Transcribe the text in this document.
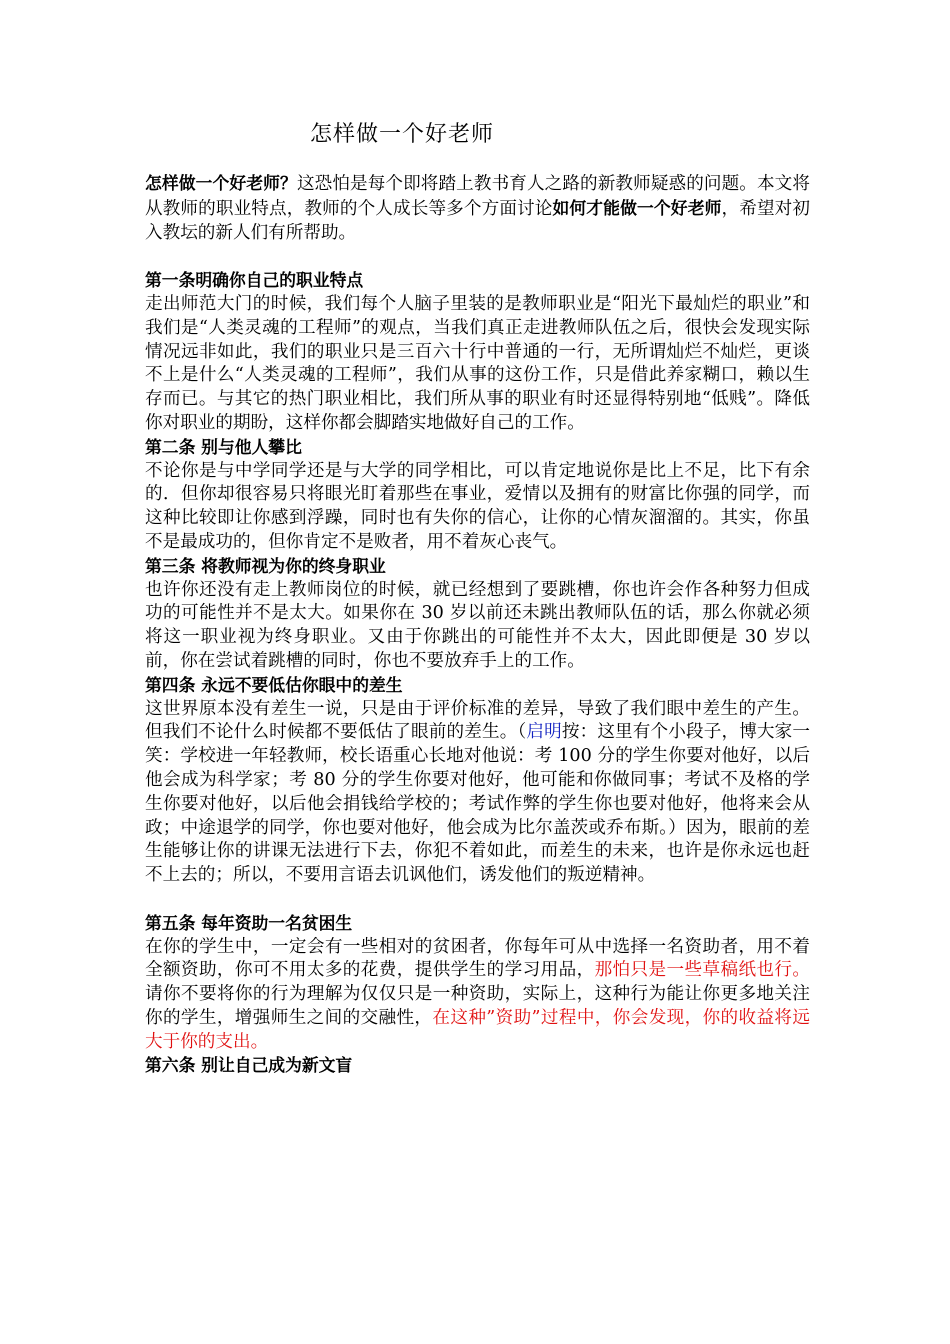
怎样做一个好老师

怎样做一个好老师？这恐怕是每个即将踏上教书育人之路的新教师疑惑的问题。本文将从教师的职业特点，教师的个人成长等多个方面讨论如何才能做一个好老师，希望对初入教坛的新人们有所帮助。

第一条明确你自己的职业特点

走出师范大门的时候，我们每个人脑子里装的是教师职业是“阳光下最灿烂的职业”和我们是“人类灵魂的工程师”的观点，当我们真正走进教师队伍之后，很快会发现实际情况远非如此，我们的职业只是三百六十行中普通的一行，无所谓灿烂不灿烂，更谈不上是什么“人类灵魂的工程师”，我们从事的这份工作，只是借此养家糊口，赖以生存而已。与其它的热门职业相比，我们所从事的职业有时还显得特别地“低贱”。降低你对职业的期盼，这样你都会脚踏实地做好自己的工作。

第二条 别与他人攀比

不论你是与中学同学还是与大学的同学相比，可以肯定地说你是比上不足，比下有余的．但你却很容易只将眼光盯着那些在事业，爱情以及拥有的财富比你强的同学，而这种比较即让你感到浮躁，同时也有失你的信心，让你的心情灰溜溜的。其实，你虽不是最成功的，但你肯定不是败者，用不着灰心丧气。

第三条 将教师视为你的终身职业

也许你还没有走上教师岗位的时候，就已经想到了要跳槽，你也许会作各种努力但成功的可能性并不是太大。如果你在 30 岁以前还未跳出教师队伍的话，那么你就必须将这一职业视为终身职业。又由于你跳出的可能性并不太大，因此即便是 30 岁以前，你在尝试着跳槽的同时，你也不要放弃手上的工作。

第四条 永远不要低估你眼中的差生

这世界原本没有差生一说，只是由于评价标准的差异，导致了我们眼中差生的产生。但我们不论什么时候都不要低估了眼前的差生。（启明按：这里有个小段子，博大家一笑：学校进一年轻教师，校长语重心长地对他说：考 100 分的学生你要对他好，以后他会成为科学家；考 80 分的学生你要对他好，他可能和你做同事；考试不及格的学生你要对他好，以后他会捐钱给学校的；考试作弊的学生你也要对他好，他将来会从政；中途退学的同学，你也要对他好，他会成为比尔盖茨或乔布斯。）因为，眼前的差生能够让你的讲课无法进行下去，你犯不着如此，而差生的未来，也许是你永远也赶不上去的；所以，不要用言语去讥讽他们，诱发他们的叛逆精神。

第五条 每年资助一名贫困生

在你的学生中，一定会有一些相对的贫困者，你每年可从中选择一名资助者，用不着全额资助，你可不用太多的花费，提供学生的学习用品，那怕只是一些草稿纸也行。请你不要将你的行为理解为仅仅只是一种资助，实际上，这种行为能让你更多地关注你的学生，增强师生之间的交融性，在这种”资助”过程中，你会发现，你的收益将远大于你的支出。

第六条 别让自己成为新文盲
